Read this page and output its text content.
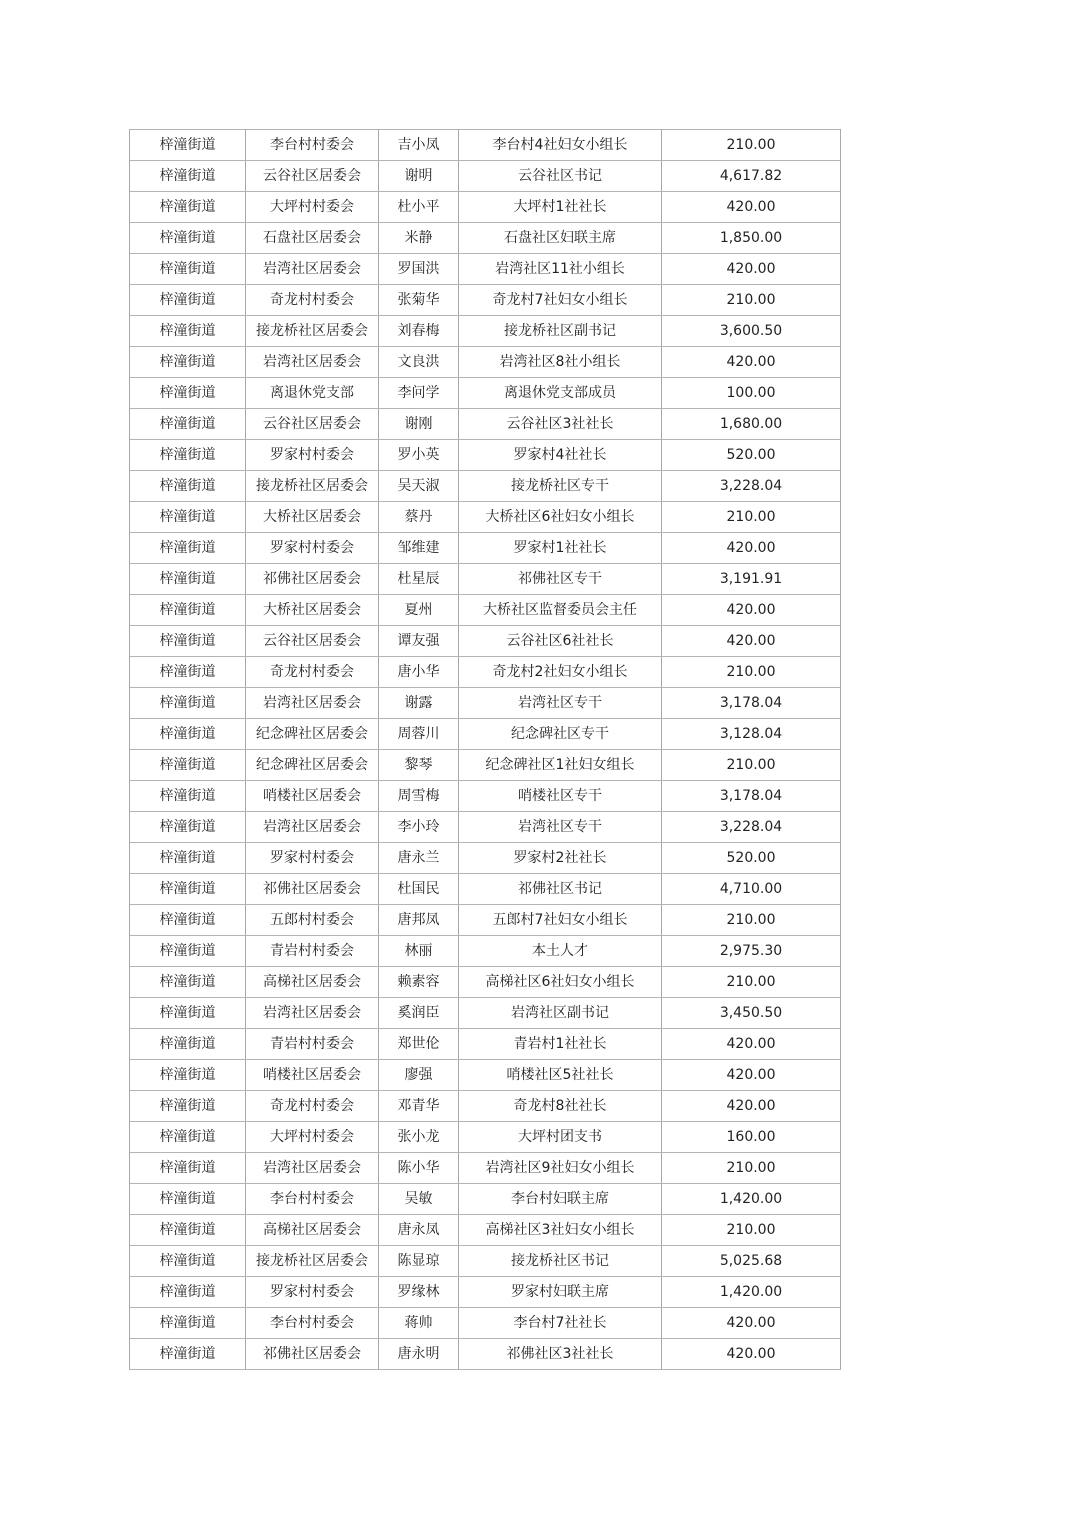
梓潼街道	李台村村委会	吉小凤	李台村4社妇女小组长	210.00
梓潼街道	云谷社区居委会	谢明	云谷社区书记	4,617.82
梓潼街道	大坪村村委会	杜小平	大坪村1社社长	420.00
梓潼街道	石盘社区居委会	米静	石盘社区妇联主席	1,850.00
梓潼街道	岩湾社区居委会	罗国洪	岩湾社区11社小组长	420.00
梓潼街道	奇龙村村委会	张菊华	奇龙村7社妇女小组长	210.00
梓潼街道	接龙桥社区居委会	刘春梅	接龙桥社区副书记	3,600.50
梓潼街道	岩湾社区居委会	文良洪	岩湾社区8社小组长	420.00
梓潼街道	离退休党支部	李问学	离退休党支部成员	100.00
梓潼街道	云谷社区居委会	谢刚	云谷社区3社社长	1,680.00
梓潼街道	罗家村村委会	罗小英	罗家村4社社长	520.00
梓潼街道	接龙桥社区居委会	吴天淑	接龙桥社区专干	3,228.04
梓潼街道	大桥社区居委会	蔡丹	大桥社区6社妇女小组长	210.00
梓潼街道	罗家村村委会	邹维建	罗家村1社社长	420.00
梓潼街道	祁佛社区居委会	杜星辰	祁佛社区专干	3,191.91
梓潼街道	大桥社区居委会	夏州	大桥社区监督委员会主任	420.00
梓潼街道	云谷社区居委会	谭友强	云谷社区6社社长	420.00
梓潼街道	奇龙村村委会	唐小华	奇龙村2社妇女小组长	210.00
梓潼街道	岩湾社区居委会	谢露	岩湾社区专干	3,178.04
梓潼街道	纪念碑社区居委会	周蓉川	纪念碑社区专干	3,128.04
梓潼街道	纪念碑社区居委会	黎琴	纪念碑社区1社妇女组长	210.00
梓潼街道	哨楼社区居委会	周雪梅	哨楼社区专干	3,178.04
梓潼街道	岩湾社区居委会	李小玲	岩湾社区专干	3,228.04
梓潼街道	罗家村村委会	唐永兰	罗家村2社社长	520.00
梓潼街道	祁佛社区居委会	杜国民	祁佛社区书记	4,710.00
梓潼街道	五郎村村委会	唐邦凤	五郎村7社妇女小组长	210.00
梓潼街道	青岩村村委会	林丽	本土人才	2,975.30
梓潼街道	高梯社区居委会	赖素容	高梯社区6社妇女小组长	210.00
梓潼街道	岩湾社区居委会	奚润臣	岩湾社区副书记	3,450.50
梓潼街道	青岩村村委会	郑世伦	青岩村1社社长	420.00
梓潼街道	哨楼社区居委会	廖强	哨楼社区5社社长	420.00
梓潼街道	奇龙村村委会	邓青华	奇龙村8社社长	420.00
梓潼街道	大坪村村委会	张小龙	大坪村团支书	160.00
梓潼街道	岩湾社区居委会	陈小华	岩湾社区9社妇女小组长	210.00
梓潼街道	李台村村委会	吴敏	李台村妇联主席	1,420.00
梓潼街道	高梯社区居委会	唐永凤	高梯社区3社妇女小组长	210.00
梓潼街道	接龙桥社区居委会	陈显琼	接龙桥社区书记	5,025.68
梓潼街道	罗家村村委会	罗缘林	罗家村妇联主席	1,420.00
梓潼街道	李台村村委会	蒋帅	李台村7社社长	420.00
梓潼街道	祁佛社区居委会	唐永明	祁佛社区3社社长	420.00
